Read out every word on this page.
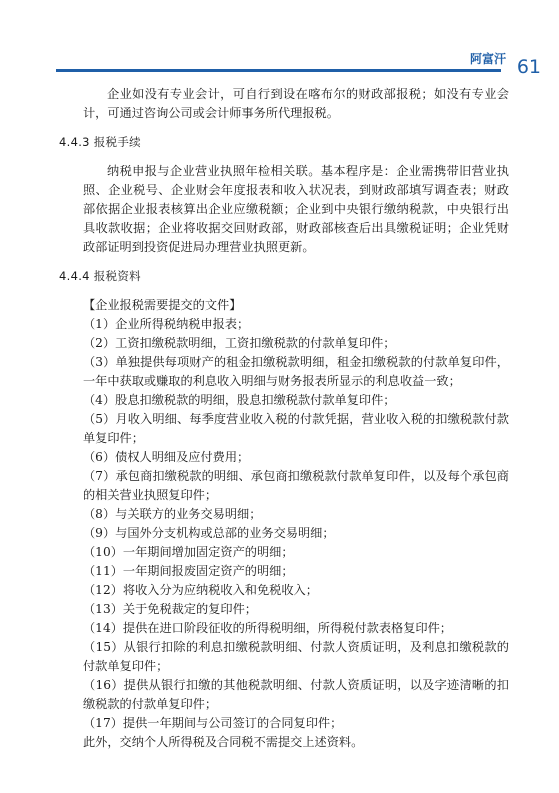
阿富汗 61

企业如没有专业会计，可自行到设在喀布尔的财政部报税；如没有专业会计，可通过咨询公司或会计师事务所代理报税。

4.4.3 报税手续

纳税申报与企业营业执照年检相关联。基本程序是：企业需携带旧营业执照、企业税号、企业财会年度报表和收入状况表，到财政部填写调查表；财政部依据企业报表核算出企业应缴税额；企业到中央银行缴纳税款，中央银行出具收款收据；企业将收据交回财政部，财政部核查后出具缴税证明；企业凭财政部证明到投资促进局办理营业执照更新。

4.4.4 报税资料

【企业报税需要提交的文件】

（1）企业所得税纳税申报表；
（2）工资扣缴税款明细，工资扣缴税款的付款单复印件；
（3）单独提供每项财产的租金扣缴税款明细，租金扣缴税款的付款单复印件，一年中获取或赚取的利息收入明细与财务报表所显示的利息收益一致；
（4）股息扣缴税款的明细，股息扣缴税款付款单复印件；
（5）月收入明细、每季度营业收入税的付款凭据，营业收入税的扣缴税款付款单复印件；
（6）债权人明细及应付费用；
（7）承包商扣缴税款的明细、承包商扣缴税款付款单复印件，以及每个承包商的相关营业执照复印件；
（8）与关联方的业务交易明细；
（9）与国外分支机构或总部的业务交易明细；
（10）一年期间增加固定资产的明细；
（11）一年期间报废固定资产的明细；
（12）将收入分为应纳税收入和免税收入；
（13）关于免税裁定的复印件；
（14）提供在进口阶段征收的所得税明细，所得税付款表格复印件；
（15）从银行扣除的利息扣缴税款明细、付款人资质证明，及利息扣缴税款的付款单复印件；
（16）提供从银行扣缴的其他税款明细、付款人资质证明，以及字迹清晰的扣缴税款的付款单复印件；
（17）提供一年期间与公司签订的合同复印件；

此外，交纳个人所得税及合同税不需提交上述资料。
